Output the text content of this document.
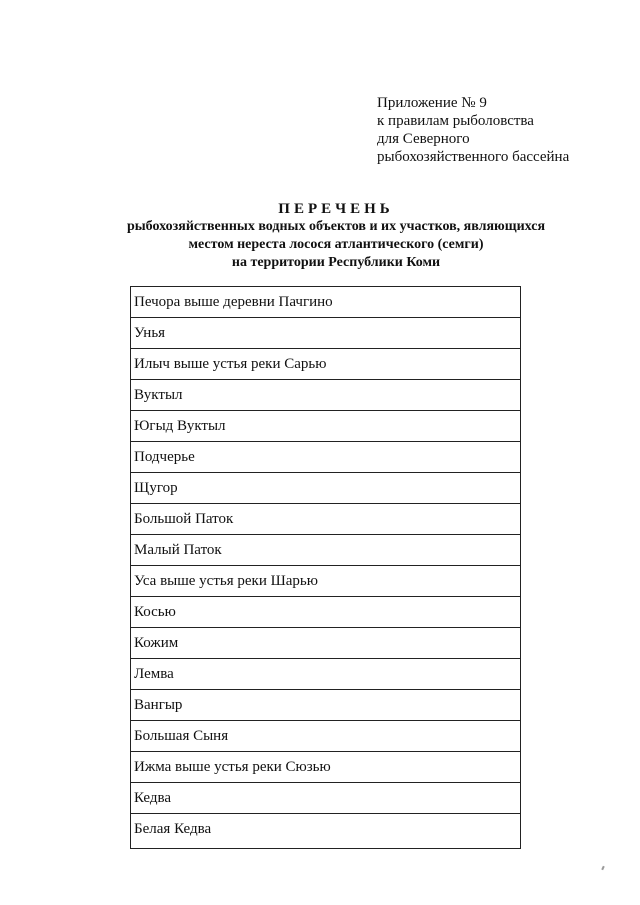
Приложение № 9
к правилам рыболовства
для Северного
рыбохозяйственного бассейна
ПЕРЕЧЕНЬ
рыбохозяйственных водных объектов и их участков, являющихся
местом нереста лосося атлантического (семги)
на территории Республики Коми
Печора выше деревни Пачгино
Унья
Илыч выше устья реки Сарью
Вуктыл
Югыд Вуктыл
Подчерье
Щугор
Большой Паток
Малый Паток
Уса выше устья реки Шарью
Косью
Кожим
Лемва
Вангыр
Большая Сыня
Ижма выше устья реки Сюзью
Кедва
Белая Кедва
